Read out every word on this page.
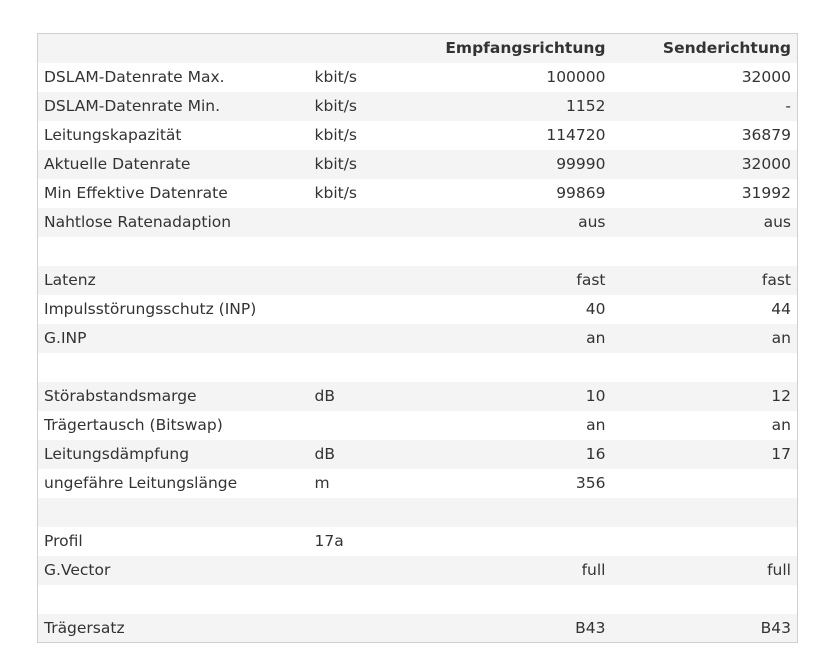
		Empfangsrichtung	Senderichtung
DSLAM-Datenrate Max.	kbit/s	100000	32000
DSLAM-Datenrate Min.	kbit/s	1152	-
Leitungskapazität	kbit/s	114720	36879
Aktuelle Datenrate	kbit/s	99990	32000
Min Effektive Datenrate	kbit/s	99869	31992
Nahtlose Ratenadaption		aus	aus

Latenz		fast	fast
Impulsstörungsschutz (INP)		40	44
G.INP		an	an

Störabstandsmarge	dB	10	12
Trägertausch (Bitswap)		an	an
Leitungsdämpfung	dB	16	17
ungefähre Leitungslänge	m	356	

Profil	17a		
G.Vector		full	full

Trägersatz		B43	B43
